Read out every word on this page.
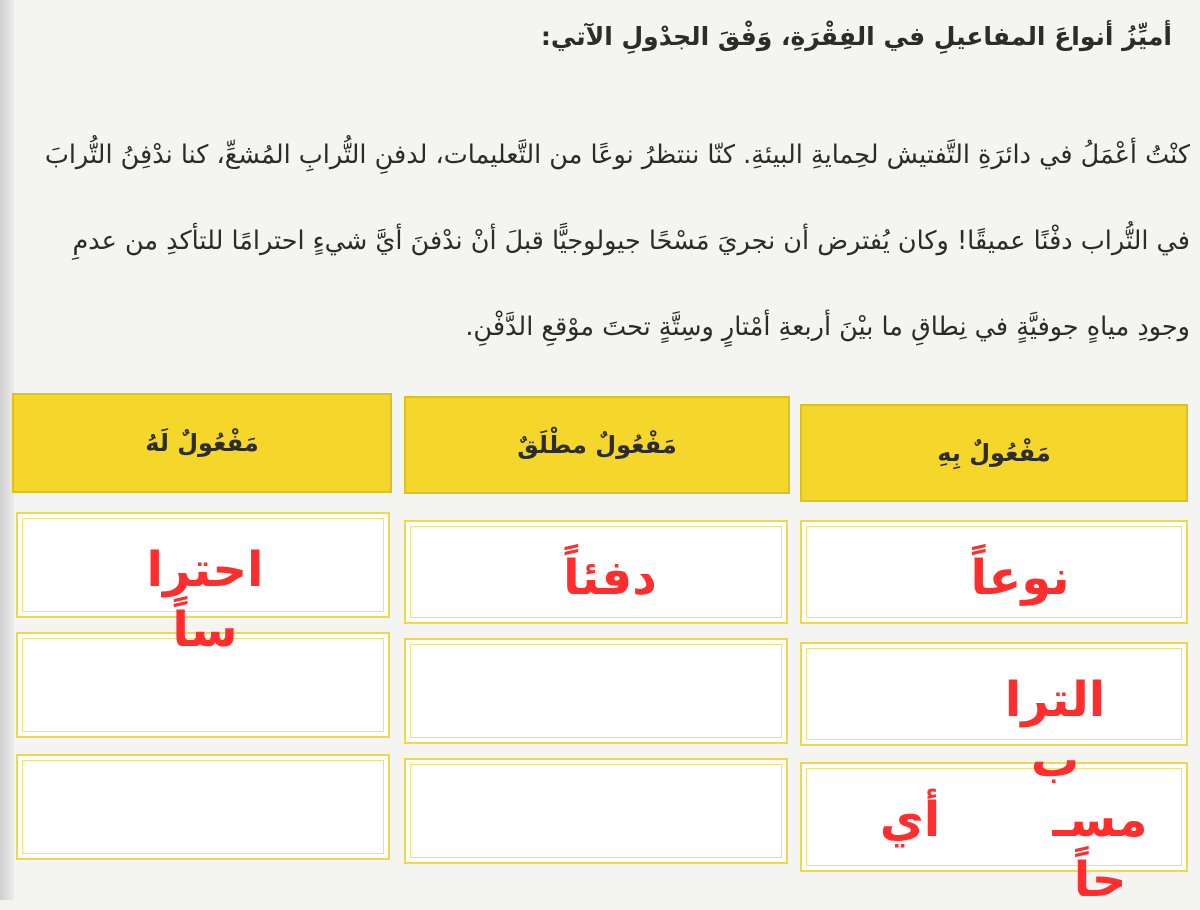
أميِّزُ أنواعَ المفاعيلِ في الفِقْرَةِ، وَفْقَ الجدْولِ الآتي:
كنْتُ أعْمَلُ في دائرَةِ التَّفتيش لحِمايةِ البيئةِ. كنّا ننتظرُ نوعًا من التَّعليمات، لدفنِ التُّرابِ المُشعِّ، كنا ندْفِنُ التُّرابَ
في التُّراب دفْنًا عميقًا! وكان يُفترض أن نجريَ مَسْحًا جيولوجيًّا قبلَ أنْ ندْفنَ أيَّ شيءٍ احترامًا للتأكدِ من عدمِ
وجودِ مياهٍ جوفيَّةٍ في نِطاقِ ما بيْنَ أربعةِ أمْتارٍ وسِتَّةٍ تحتَ موْقعِ الدَّفْنِ.
مَفْعُولٌ لَهُ	مَفْعُولٌ مطْلَقٌ	مَفْعُولٌ بِهِ
نوعاً
الترا ب
مسـ حاً
أي
دفئاً
احترا ساً
